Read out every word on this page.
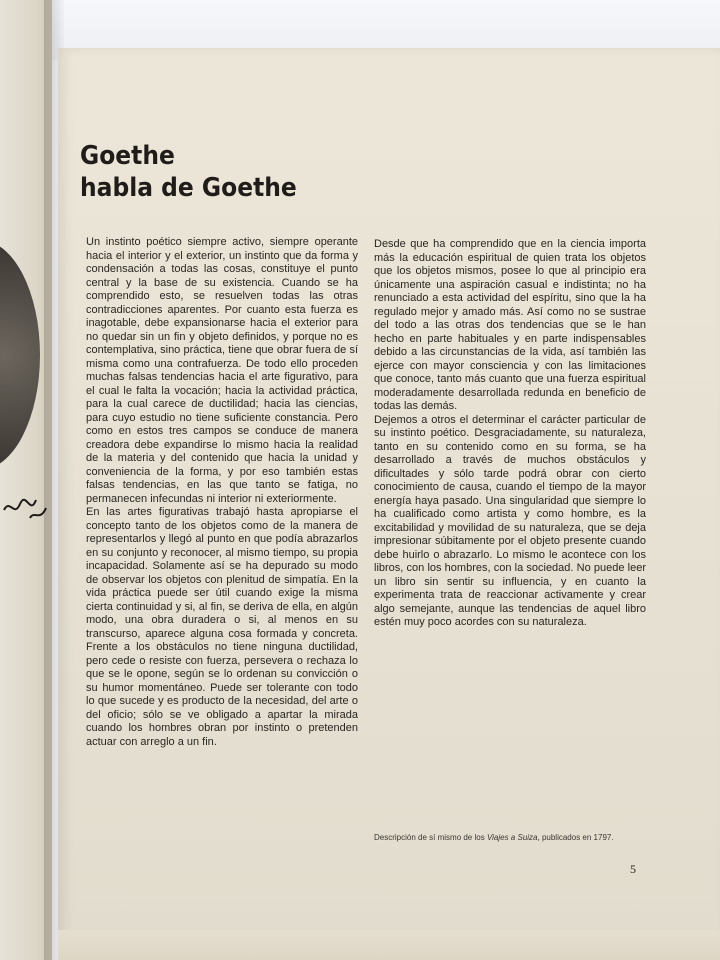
Goethe
habla de Goethe

Un instinto poético siempre activo, siempre operante hacia el interior y el exterior, un instinto que da forma y condensación a todas las cosas, constituye el punto central y la base de su existencia. Cuando se ha comprendido esto, se resuelven todas las otras contradicciones aparentes. Por cuanto esta fuerza es inagotable, debe expansionarse hacia el exterior para no quedar sin un fin y objeto definidos, y porque no es contemplativa, sino práctica, tiene que obrar fuera de sí misma como una contrafuerza. De todo ello proceden muchas falsas tendencias hacia el arte figurativo, para el cual le falta la vocación; hacia la actividad práctica, para la cual carece de ductilidad; hacia las ciencias, para cuyo estudio no tiene suficiente constancia. Pero como en estos tres campos se conduce de manera creadora debe expandirse lo mismo hacia la realidad de la materia y del contenido que hacia la unidad y conveniencia de la forma, y por eso también estas falsas tendencias, en las que tanto se fatiga, no permanecen infecundas ni interior ni exteriormente.

En las artes figurativas trabajó hasta apropiarse el concepto tanto de los objetos como de la manera de representarlos y llegó al punto en que podía abrazarlos en su conjunto y reconocer, al mismo tiempo, su propia incapacidad. Solamente así se ha depurado su modo de observar los objetos con plenitud de simpatía. En la vida práctica puede ser útil cuando exige la misma cierta continuidad y si, al fin, se deriva de ella, en algún modo, una obra duradera o si, al menos en su transcurso, aparece alguna cosa formada y concreta. Frente a los obstáculos no tiene ninguna ductilidad, pero cede o resiste con fuerza, persevera o rechaza lo que se le opone, según se lo ordenan su convicción o su humor momentáneo. Puede ser tolerante con todo lo que sucede y es producto de la necesidad, del arte o del oficio; sólo se ve obligado a apartar la mirada cuando los hombres obran por instinto o pretenden actuar con arreglo a un fin.

Desde que ha comprendido que en la ciencia importa más la educación espiritual de quien trata los objetos que los objetos mismos, posee lo que al principio era únicamente una aspiración casual e indistinta; no ha renunciado a esta actividad del espíritu, sino que la ha regulado mejor y amado más. Así como no se sustrae del todo a las otras dos tendencias que se le han hecho en parte habituales y en parte indispensables debido a las circunstancias de la vida, así también las ejerce con mayor consciencia y con las limitaciones que conoce, tanto más cuanto que una fuerza espiritual moderadamente desarrollada redunda en beneficio de todas las demás.

Dejemos a otros el determinar el carácter particular de su instinto poético. Desgraciadamente, su naturaleza, tanto en su contenido como en su forma, se ha desarrollado a través de muchos obstáculos y dificultades y sólo tarde podrá obrar con cierto conocimiento de causa, cuando el tiempo de la mayor energía haya pasado. Una singularidad que siempre lo ha cualificado como artista y como hombre, es la excitabilidad y movilidad de su naturaleza, que se deja impresionar súbitamente por el objeto presente cuando debe huirlo o abrazarlo. Lo mismo le acontece con los libros, con los hombres, con la sociedad. No puede leer un libro sin sentir su influencia, y en cuanto la experimenta trata de reaccionar activamente y crear algo semejante, aunque las tendencias de aquel libro estén muy poco acordes con su naturaleza.

Descripción de sí mismo de los Viajes a Suiza, publicados en 1797.

5
